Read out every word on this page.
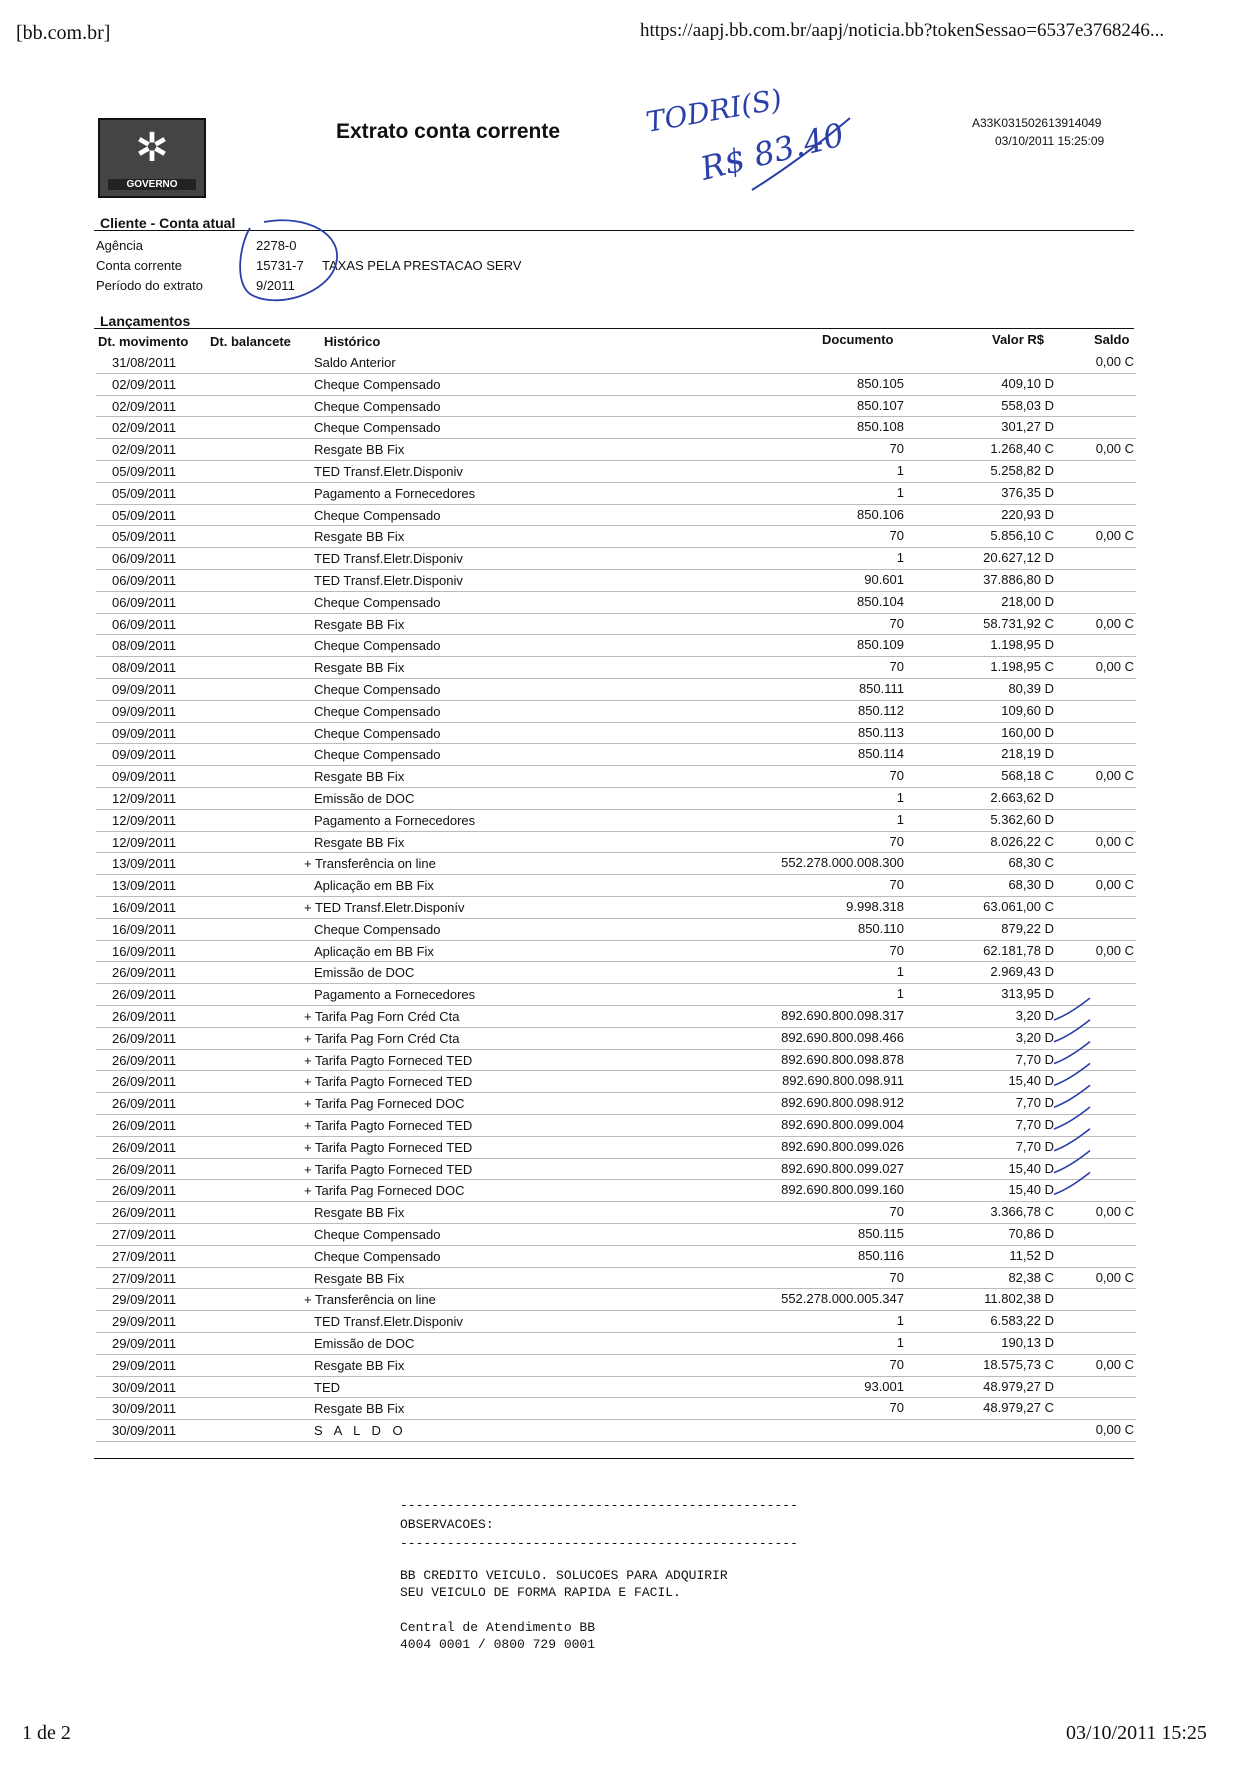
[bb.com.br]	https://aapj.bb.com.br/aapj/noticia.bb?tokenSessao=6537e3768246...
✲
GOVERNO
Extrato conta corrente	A33K031502613914049
03/10/2011 15:25:09
TODRI(S)
R$ 83.40
Cliente - Conta atual
Agência	2278-0
Conta corrente	15731-7 TAXAS PELA PRESTACAO SERV
Período do extrato	9/2011
Lançamentos
Dt. movimento Dt. balancete	Histórico	Documento	Valor R$	Saldo
31/08/2011	Saldo Anterior	0,00 C
02/09/2011	Cheque Compensado	850.105	409,10 D
02/09/2011	Cheque Compensado	850.107	558,03 D
02/09/2011	Cheque Compensado	850.108	301,27 D
02/09/2011	Resgate BB Fix	70	1.268,40 C	0,00 C
05/09/2011	TED Transf.Eletr.Disponiv	1	5.258,82 D
05/09/2011	Pagamento a Fornecedores	1	376,35 D
05/09/2011	Cheque Compensado	850.106	220,93 D
05/09/2011	Resgate BB Fix	70	5.856,10 C	0,00 C
06/09/2011	TED Transf.Eletr.Disponiv	1	20.627,12 D
06/09/2011	TED Transf.Eletr.Disponiv	90.601	37.886,80 D
06/09/2011	Cheque Compensado	850.104	218,00 D
06/09/2011	Resgate BB Fix	70	58.731,92 C	0,00 C
08/09/2011	Cheque Compensado	850.109	1.198,95 D
08/09/2011	Resgate BB Fix	70	1.198,95 C	0,00 C
09/09/2011	Cheque Compensado	850.111	80,39 D
09/09/2011	Cheque Compensado	850.112	109,60 D
09/09/2011	Cheque Compensado	850.113	160,00 D
09/09/2011	Cheque Compensado	850.114	218,19 D
09/09/2011	Resgate BB Fix	70	568,18 C	0,00 C
12/09/2011	Emissão de DOC	1	2.663,62 D
12/09/2011	Pagamento a Fornecedores	1	5.362,60 D
12/09/2011	Resgate BB Fix	70	8.026,22 C	0,00 C
13/09/2011	+ Transferência on line	552.278.000.008.300	68,30 C
13/09/2011	Aplicação em BB Fix	70	68,30 D	0,00 C
16/09/2011	+ TED Transf.Eletr.Disponív	9.998.318	63.061,00 C
16/09/2011	Cheque Compensado	850.110	879,22 D
16/09/2011	Aplicação em BB Fix	70	62.181,78 D	0,00 C
26/09/2011	Emissão de DOC	1	2.969,43 D
26/09/2011	Pagamento a Fornecedores	1	313,95 D
26/09/2011	+ Tarifa Pag Forn Créd Cta	892.690.800.098.317	3,20 D
26/09/2011	+ Tarifa Pag Forn Créd Cta	892.690.800.098.466	3,20 D
26/09/2011	+ Tarifa Pagto Forneced TED	892.690.800.098.878	7,70 D
26/09/2011	+ Tarifa Pagto Forneced TED	892.690.800.098.911	15,40 D
26/09/2011	+ Tarifa Pag Forneced DOC	892.690.800.098.912	7,70 D
26/09/2011	+ Tarifa Pagto Forneced TED	892.690.800.099.004	7,70 D
26/09/2011	+ Tarifa Pagto Forneced TED	892.690.800.099.026	7,70 D
26/09/2011	+ Tarifa Pagto Forneced TED	892.690.800.099.027	15,40 D
26/09/2011	+ Tarifa Pag Forneced DOC	892.690.800.099.160	15,40 D
26/09/2011	Resgate BB Fix	70	3.366,78 C	0,00 C
27/09/2011	Cheque Compensado	850.115	70,86 D
27/09/2011	Cheque Compensado	850.116	11,52 D
27/09/2011	Resgate BB Fix	70	82,38 C	0,00 C
29/09/2011	+ Transferência on line	552.278.000.005.347	11.802,38 D
29/09/2011	TED Transf.Eletr.Disponiv	1	6.583,22 D
29/09/2011	Emissão de DOC	1	190,13 D
29/09/2011	Resgate BB Fix	70	18.575,73 C	0,00 C
30/09/2011	TED	93.001	48.979,27 D
30/09/2011	Resgate BB Fix	70	48.979,27 C
30/09/2011	S A L D O	0,00 C
---------------------------------------------------
OBSERVACOES:
---------------------------------------------------
BB CREDITO VEICULO. SOLUCOES PARA ADQUIRIR
SEU VEICULO DE FORMA RAPIDA E FACIL.
Central de Atendimento BB
4004 0001 / 0800 729 0001
1 de 2	03/10/2011 15:25
